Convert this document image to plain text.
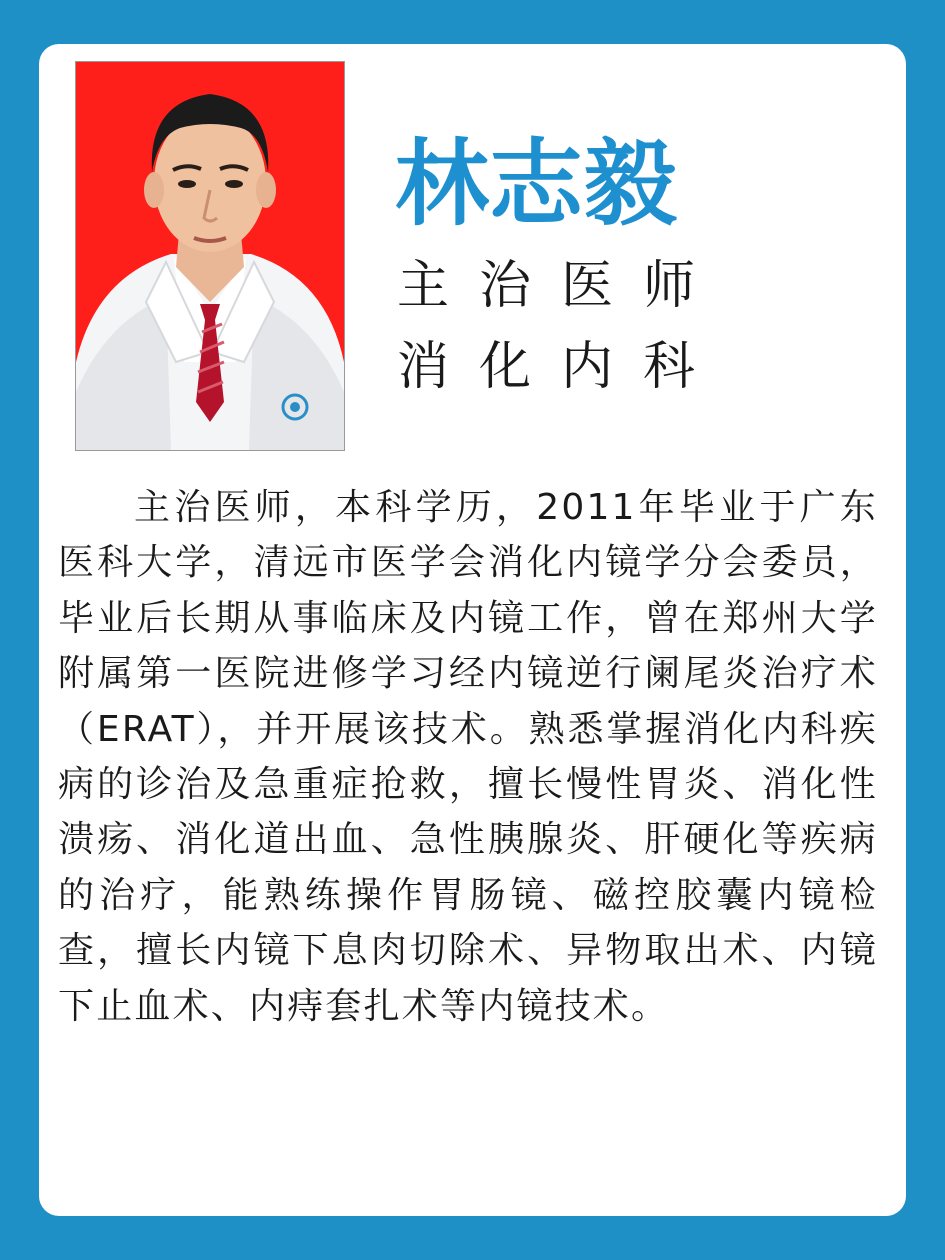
林志毅
主治医师
消化内科

主治医师，本科学历，2011年毕业于广东医科大学，清远市医学会消化内镜学分会委员，毕业后长期从事临床及内镜工作，曾在郑州大学附属第一医院进修学习经内镜逆行阑尾炎治疗术（ERAT），并开展该技术。熟悉掌握消化内科疾病的诊治及急重症抢救，擅长慢性胃炎、消化性溃疡、消化道出血、急性胰腺炎、肝硬化等疾病的治疗，能熟练操作胃肠镜、磁控胶囊内镜检查，擅长内镜下息肉切除术、异物取出术、内镜下止血术、内痔套扎术等内镜技术。
